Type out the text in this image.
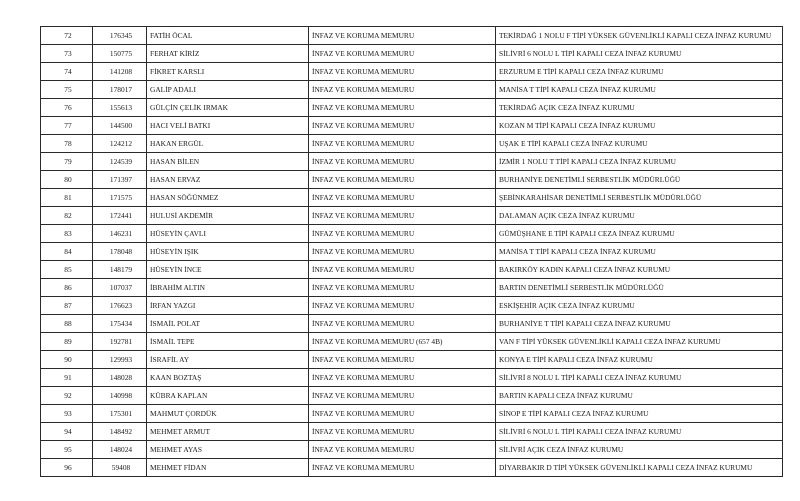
72	176345	FATİH ÖCAL	İNFAZ VE KORUMA MEMURU	TEKİRDAĞ 1 NOLU F TİPİ YÜKSEK GÜVENLİKLİ KAPALI CEZA İNFAZ KURUMU
73	150775	FERHAT KİRİZ	İNFAZ VE KORUMA MEMURU	SİLİVRİ 6 NOLU L TİPİ KAPALI CEZA İNFAZ KURUMU
74	141208	FİKRET KARSLI	İNFAZ VE KORUMA MEMURU	ERZURUM E TİPİ KAPALI CEZA İNFAZ KURUMU
75	178017	GALİP ADALI	İNFAZ VE KORUMA MEMURU	MANİSA T TİPİ KAPALI CEZA İNFAZ KURUMU
76	155613	GÜLÇİN ÇELİK IRMAK	İNFAZ VE KORUMA MEMURU	TEKİRDAĞ AÇIK CEZA İNFAZ KURUMU
77	144500	HACI VELİ BATKI	İNFAZ VE KORUMA MEMURU	KOZAN M TİPİ KAPALI CEZA İNFAZ KURUMU
78	124212	HAKAN ERGÜL	İNFAZ VE KORUMA MEMURU	UŞAK E TİPİ KAPALI CEZA İNFAZ KURUMU
79	124539	HASAN BİLEN	İNFAZ VE KORUMA MEMURU	İZMİR 1 NOLU T TİPİ KAPALI CEZA İNFAZ KURUMU
80	171397	HASAN ERVAZ	İNFAZ VE KORUMA MEMURU	BURHANİYE DENETİMLİ SERBESTLİK MÜDÜRLÜĞÜ
81	171575	HASAN SÖĞÜNMEZ	İNFAZ VE KORUMA MEMURU	ŞEBİNKARAHİSAR DENETİMLİ SERBESTLİK MÜDÜRLÜĞÜ
82	172441	HULUSİ AKDEMİR	İNFAZ VE KORUMA MEMURU	DALAMAN AÇIK CEZA İNFAZ KURUMU
83	146231	HÜSEYİN ÇAVLI	İNFAZ VE KORUMA MEMURU	GÜMÜŞHANE E TİPİ KAPALI CEZA İNFAZ KURUMU
84	178048	HÜSEYİN IŞIK	İNFAZ VE KORUMA MEMURU	MANİSA T TİPİ KAPALI CEZA İNFAZ KURUMU
85	148179	HÜSEYİN İNCE	İNFAZ VE KORUMA MEMURU	BAKIRKÖY KADIN KAPALI CEZA İNFAZ KURUMU
86	107037	İBRAHİM ALTIN	İNFAZ VE KORUMA MEMURU	BARTIN DENETİMLİ SERBESTLİK MÜDÜRLÜĞÜ
87	176623	İRFAN YAZGI	İNFAZ VE KORUMA MEMURU	ESKİŞEHİR AÇIK CEZA İNFAZ KURUMU
88	175434	İSMAİL POLAT	İNFAZ VE KORUMA MEMURU	BURHANİYE T TİPİ KAPALI CEZA İNFAZ KURUMU
89	192781	İSMAİL TEPE	İNFAZ VE KORUMA MEMURU (657 4B)	VAN F TİPİ YÜKSEK GÜVENLİKLİ KAPALI CEZA İNFAZ KURUMU
90	129993	İSRAFİL AY	İNFAZ VE KORUMA MEMURU	KONYA E TİPİ KAPALI CEZA İNFAZ KURUMU
91	148028	KAAN BOZTAŞ	İNFAZ VE KORUMA MEMURU	SİLİVRİ 8 NOLU L TİPİ KAPALI CEZA İNFAZ KURUMU
92	140998	KÜBRA KAPLAN	İNFAZ VE KORUMA MEMURU	BARTIN KAPALI CEZA İNFAZ KURUMU
93	175301	MAHMUT ÇORDÜK	İNFAZ VE KORUMA MEMURU	SİNOP E TİPİ KAPALI CEZA İNFAZ KURUMU
94	148492	MEHMET ARMUT	İNFAZ VE KORUMA MEMURU	SİLİVRİ 6 NOLU L TİPİ KAPALI CEZA İNFAZ KURUMU
95	148024	MEHMET AYAS	İNFAZ VE KORUMA MEMURU	SİLİVRİ AÇIK CEZA İNFAZ KURUMU
96	59408	MEHMET FİDAN	İNFAZ VE KORUMA MEMURU	DİYARBAKIR D TİPİ YÜKSEK GÜVENLİKLİ KAPALI CEZA İNFAZ KURUMU
